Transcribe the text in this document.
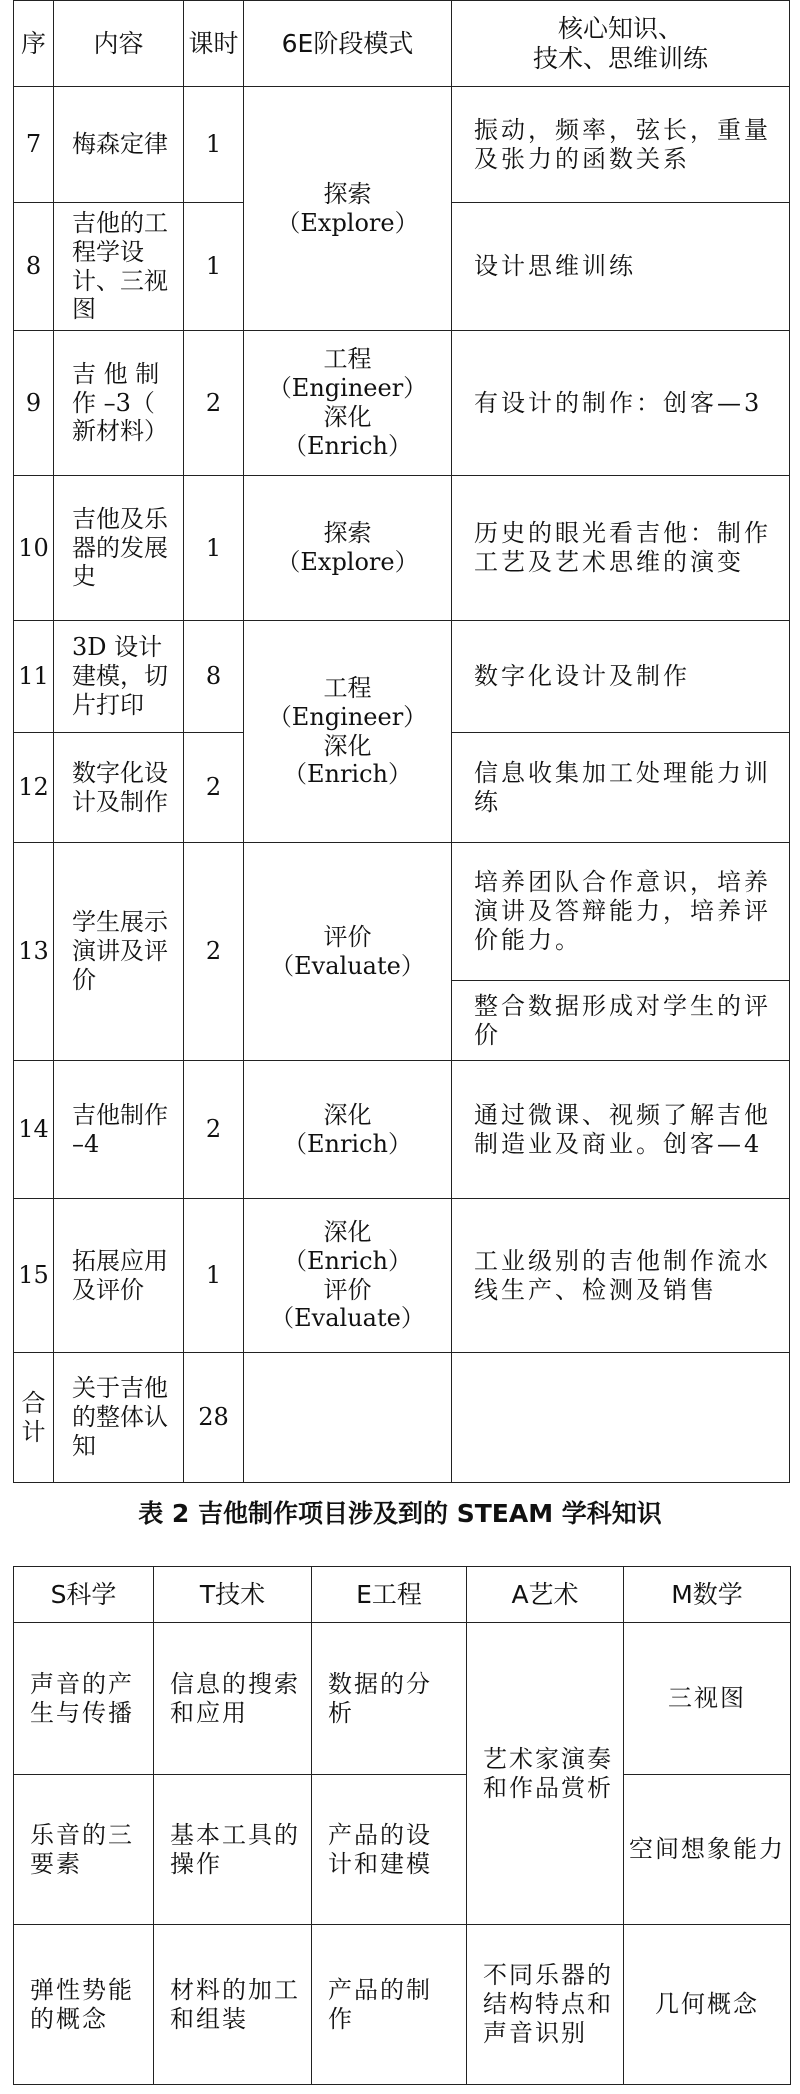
序	内容	课时	6E阶段模式	核心知识、
技术、思维训练
7	梅森定律	1	探索
（Explore）	振动，频率，弦长，重量及张力的函数关系
8	吉他的工程学设计、三视图	1		设计思维训练
9	吉 他 制 作 –3（ 新材料）	2	工程
（Engineer）
深化
（Enrich）	有设计的制作：创客—3
10	吉他及乐器的发展史	1	探索
（Explore）	历史的眼光看吉他：制作工艺及艺术思维的演变
11	3D 设计建模，切片打印	8	工程
（Engineer）
深化
（Enrich）	数字化设计及制作
12	数字化设计及制作	2		信息收集加工处理能力训练
13	学生展示演讲及评价	2	评价
（Evaluate）	培养团队合作意识，培养演讲及答辩能力，培养评价能力。
				整合数据形成对学生的评价
14	吉他制作 –4	2	深化
（Enrich）	通过微课、视频了解吉他制造业及商业。创客—4
15	拓展应用及评价	1	深化
（Enrich）
评价
（Evaluate）	工业级别的吉他制作流水线生产、检测及销售
合计	关于吉他的整体认知	28		
表 2 吉他制作项目涉及到的 STEAM 学科知识
S科学	T技术	E工程	A艺术	M数学
声音的产生与传播	信息的搜索和应用	数据的分析	艺术家演奏和作品赏析	三视图
乐音的三要素	基本工具的操作	产品的设计和建模		空间想象能力
弹性势能的概念	材料的加工和组装	产品的制作	不同乐器的结构特点和声音识别	几何概念
